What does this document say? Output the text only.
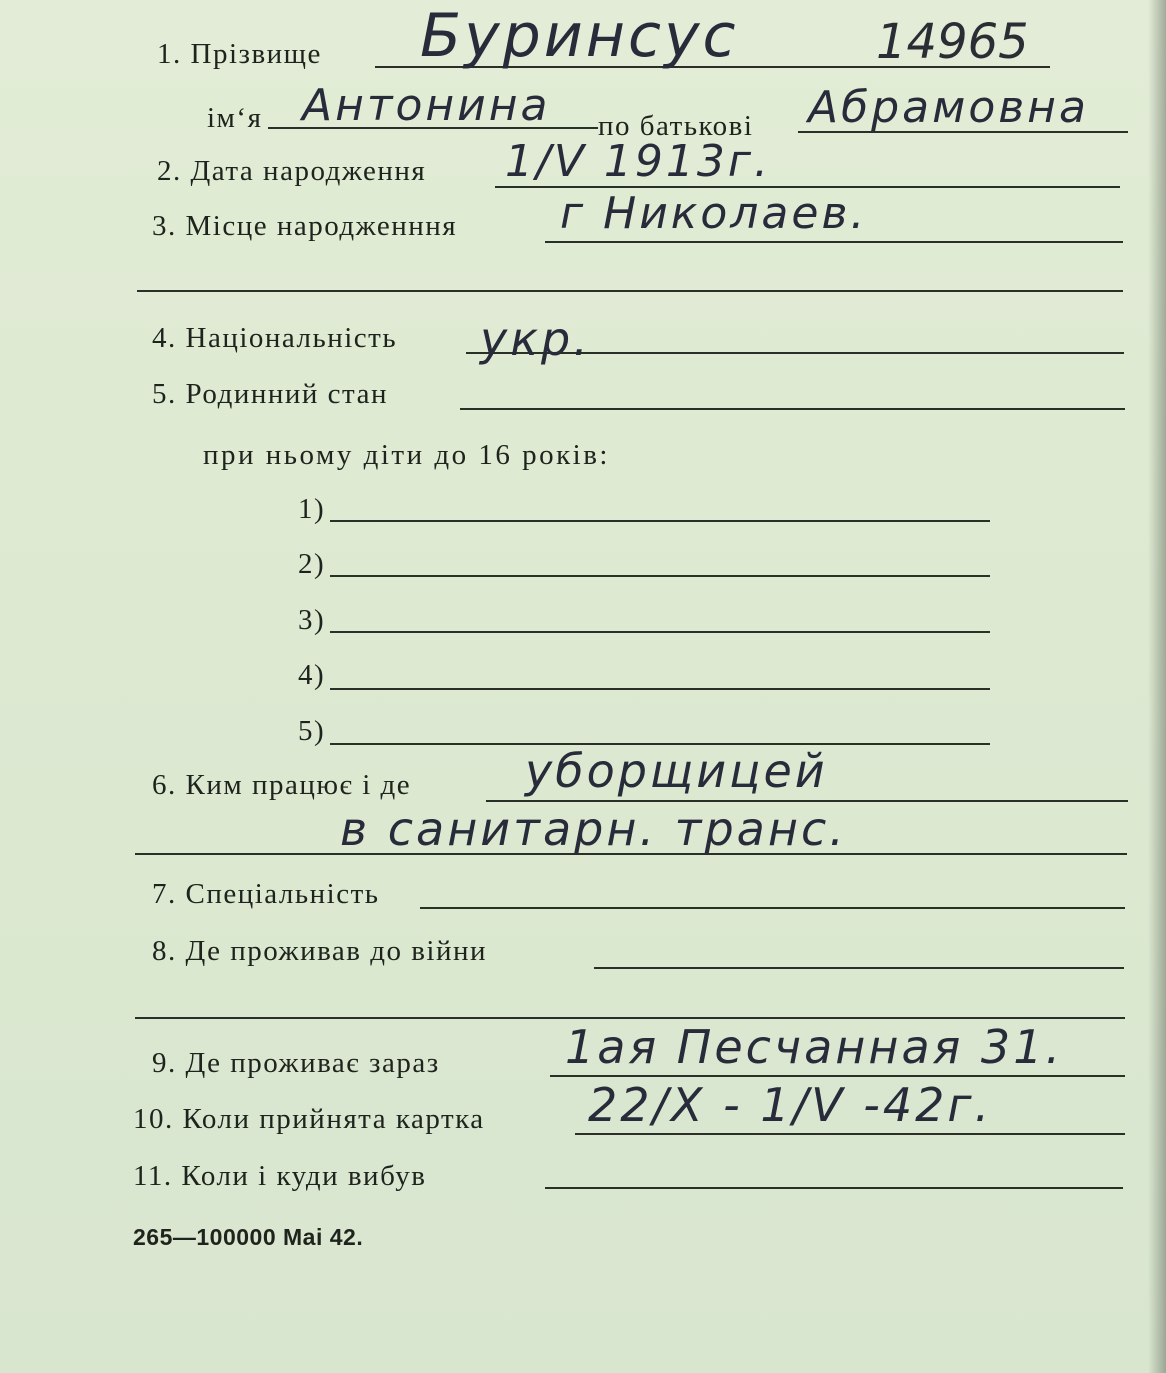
1. Прізвище Буринсус	14965
ім‘я Антонина по батькові Абрамовна
2. Дата народження 1/V 1913г.
3. Місце народженння г Николаев.
4. Національність укр.
5. Родинний стан
при ньому діти до 16 років:
1)
2)
3)
4)
5)
6. Ким працює і де уборщицей
в санитарн. транс.
7. Спеціальність
8. Де проживав до війни
9. Де проживає зараз	1ая Песчанная 31.
10. Коли прийнята картка 22/X - 1/V -42г.
11. Коли і куди вибув
265—100000 Mai 42.
